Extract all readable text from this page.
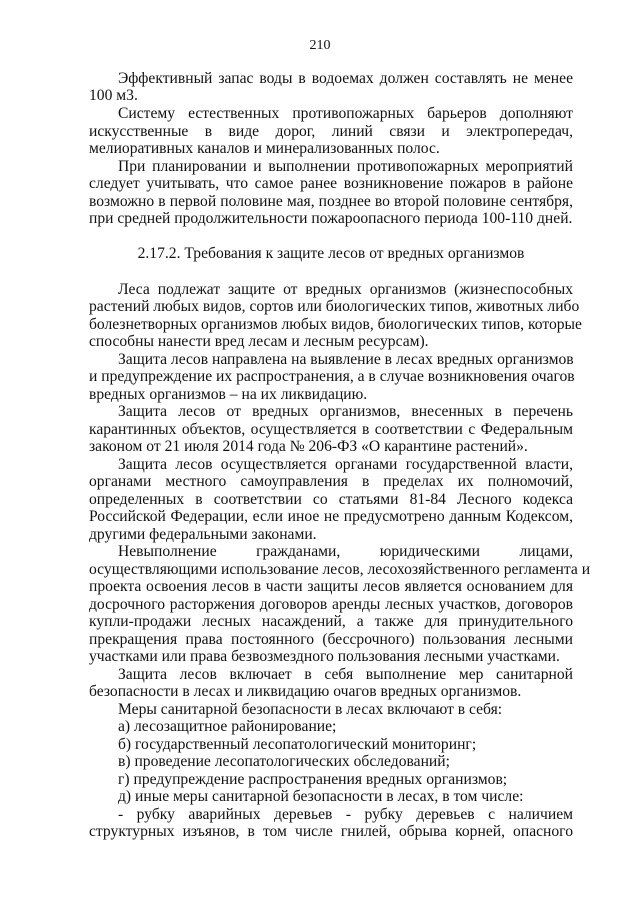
210
Эффективный запас воды в водоемах должен составлять не менее
100 м3.
Систему естественных противопожарных барьеров дополняют
искусственные в виде дорог, линий связи и электропередач,
мелиоративных каналов и минерализованных полос.
При планировании и выполнении противопожарных мероприятий
следует учитывать, что самое ранее возникновение пожаров в районе
возможно в первой половине мая, позднее во второй половине сентября,
при средней продолжительности пожароопасного периода 100-110 дней.
2.17.2. Требования к защите лесов от вредных организмов
Леса подлежат защите от вредных организмов (жизнеспособных
растений любых видов, сортов или биологических типов, животных либо
болезнетворных организмов любых видов, биологических типов, которые
способны нанести вред лесам и лесным ресурсам).
Защита лесов направлена на выявление в лесах вредных организмов
и предупреждение их распространения, а в случае возникновения очагов
вредных организмов – на их ликвидацию.
Защита лесов от вредных организмов, внесенных в перечень
карантинных объектов, осуществляется в соответствии с Федеральным
законом от 21 июля 2014 года № 206-ФЗ «О карантине растений».
Защита лесов осуществляется органами государственной власти,
органами местного самоуправления в пределах их полномочий,
определенных в соответствии со статьями 81-84 Лесного кодекса
Российской Федерации, если иное не предусмотрено данным Кодексом,
другими федеральными законами.
Невыполнение гражданами, юридическими лицами,
осуществляющими использование лесов, лесохозяйственного регламента и
проекта освоения лесов в части защиты лесов является основанием для
досрочного расторжения договоров аренды лесных участков, договоров
купли-продажи лесных насаждений, а также для принудительного
прекращения права постоянного (бессрочного) пользования лесными
участками или права безвозмездного пользования лесными участками.
Защита лесов включает в себя выполнение мер санитарной
безопасности в лесах и ликвидацию очагов вредных организмов.
Меры санитарной безопасности в лесах включают в себя:
а) лесозащитное районирование;
б) государственный лесопатологический мониторинг;
в) проведение лесопатологических обследований;
г) предупреждение распространения вредных организмов;
д) иные меры санитарной безопасности в лесах, в том числе:
- рубку аварийных деревьев - рубку деревьев с наличием
структурных изъянов, в том числе гнилей, обрыва корней, опасного
